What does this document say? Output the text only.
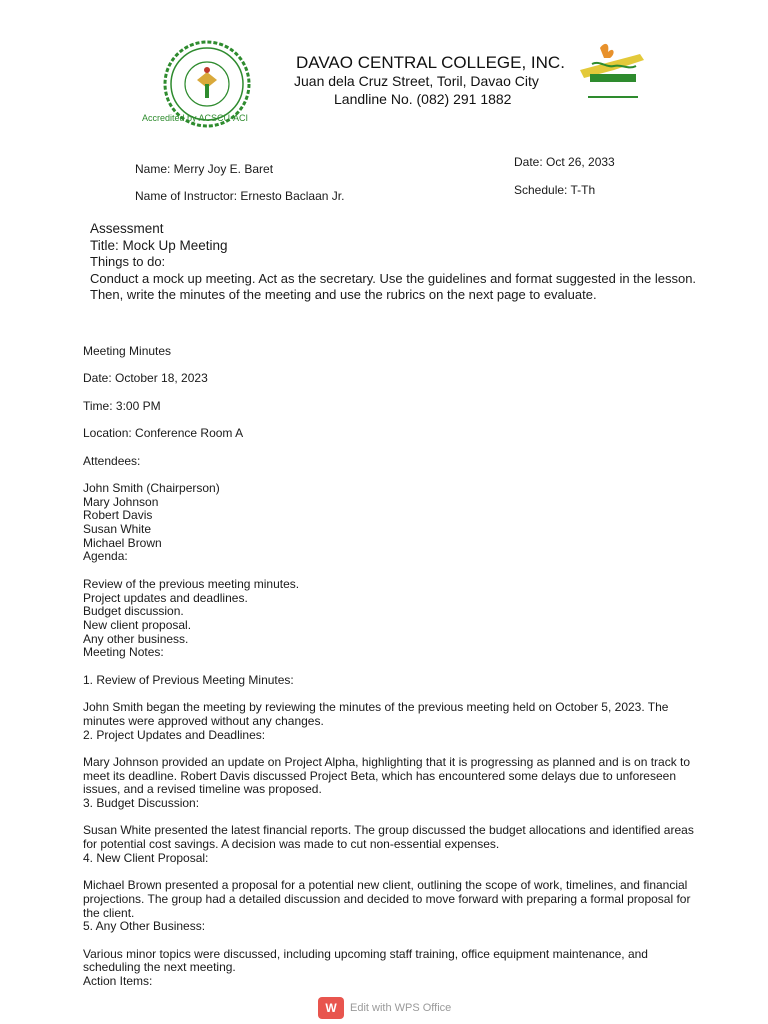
Accredited by ACSCU-ACI
DAVAO CENTRAL COLLEGE, INC.
Juan dela Cruz Street, Toril, Davao City
Landline No. (082) 291 1882
Name: Merry Joy E. Baret
Name of Instructor: Ernesto Baclaan Jr.
Date: Oct 26, 2033
Schedule: T-Th
Assessment
Title: Mock Up Meeting
Things to do:
Conduct a mock up meeting. Act as the secretary. Use the guidelines and format suggested in the lesson. Then, write the minutes of the meeting and use the rubrics on the next page to evaluate.
Meeting Minutes
Date: October 18, 2023
Time: 3:00 PM
Location: Conference Room A
Attendees:
John Smith (Chairperson)
Mary Johnson
Robert Davis
Susan White
Michael Brown
Agenda:
Review of the previous meeting minutes.
Project updates and deadlines.
Budget discussion.
New client proposal.
Any other business.
Meeting Notes:
1. Review of Previous Meeting Minutes:
John Smith began the meeting by reviewing the minutes of the previous meeting held on October 5, 2023. The minutes were approved without any changes.
2. Project Updates and Deadlines:
Mary Johnson provided an update on Project Alpha, highlighting that it is progressing as planned and is on track to meet its deadline. Robert Davis discussed Project Beta, which has encountered some delays due to unforeseen issues, and a revised timeline was proposed.
3. Budget Discussion:
Susan White presented the latest financial reports. The group discussed the budget allocations and identified areas for potential cost savings. A decision was made to cut non-essential expenses.
4. New Client Proposal:
Michael Brown presented a proposal for a potential new client, outlining the scope of work, timelines, and financial projections. The group had a detailed discussion and decided to move forward with preparing a formal proposal for the client.
5. Any Other Business:
Various minor topics were discussed, including upcoming staff training, office equipment maintenance, and scheduling the next meeting.
Action Items:
W	Edit with WPS Office
